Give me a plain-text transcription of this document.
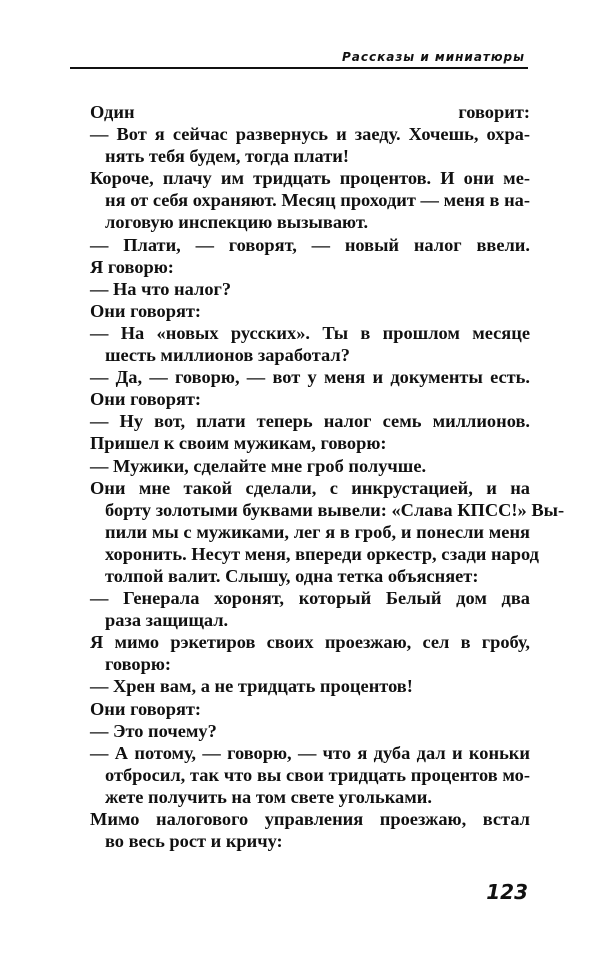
Рассказы и миниатюры
Один говорит:
— Вот я сейчас развернусь и заеду. Хочешь, охра-
нять тебя будем, тогда плати!
Короче, плачу им тридцать процентов. И они ме-
ня от себя охраняют. Месяц проходит — меня в на-
логовую инспекцию вызывают.
— Плати, — говорят, — новый налог ввели.
Я говорю:
— На что налог?
Они говорят:
— На «новых русских». Ты в прошлом месяце
шесть миллионов заработал?
— Да, — говорю, — вот у меня и документы есть.
Они говорят:
— Ну вот, плати теперь налог семь миллионов.
Пришел к своим мужикам, говорю:
— Мужики, сделайте мне гроб получше.
Они мне такой сделали, с инкрустацией, и на
борту золотыми буквами вывели: «Слава КПСС!» Вы-
пили мы с мужиками, лег я в гроб, и понесли меня
хоронить. Несут меня, впереди оркестр, сзади народ
толпой валит. Слышу, одна тетка объясняет:
— Генерала хоронят, который Белый дом два
раза защищал.
Я мимо рэкетиров своих проезжаю, сел в гробу,
говорю:
— Хрен вам, а не тридцать процентов!
Они говорят:
— Это почему?
— А потому, — говорю, — что я дуба дал и коньки
отбросил, так что вы свои тридцать процентов мо-
жете получить на том свете угольками.
Мимо налогового управления проезжаю, встал
во весь рост и кричу:
123
